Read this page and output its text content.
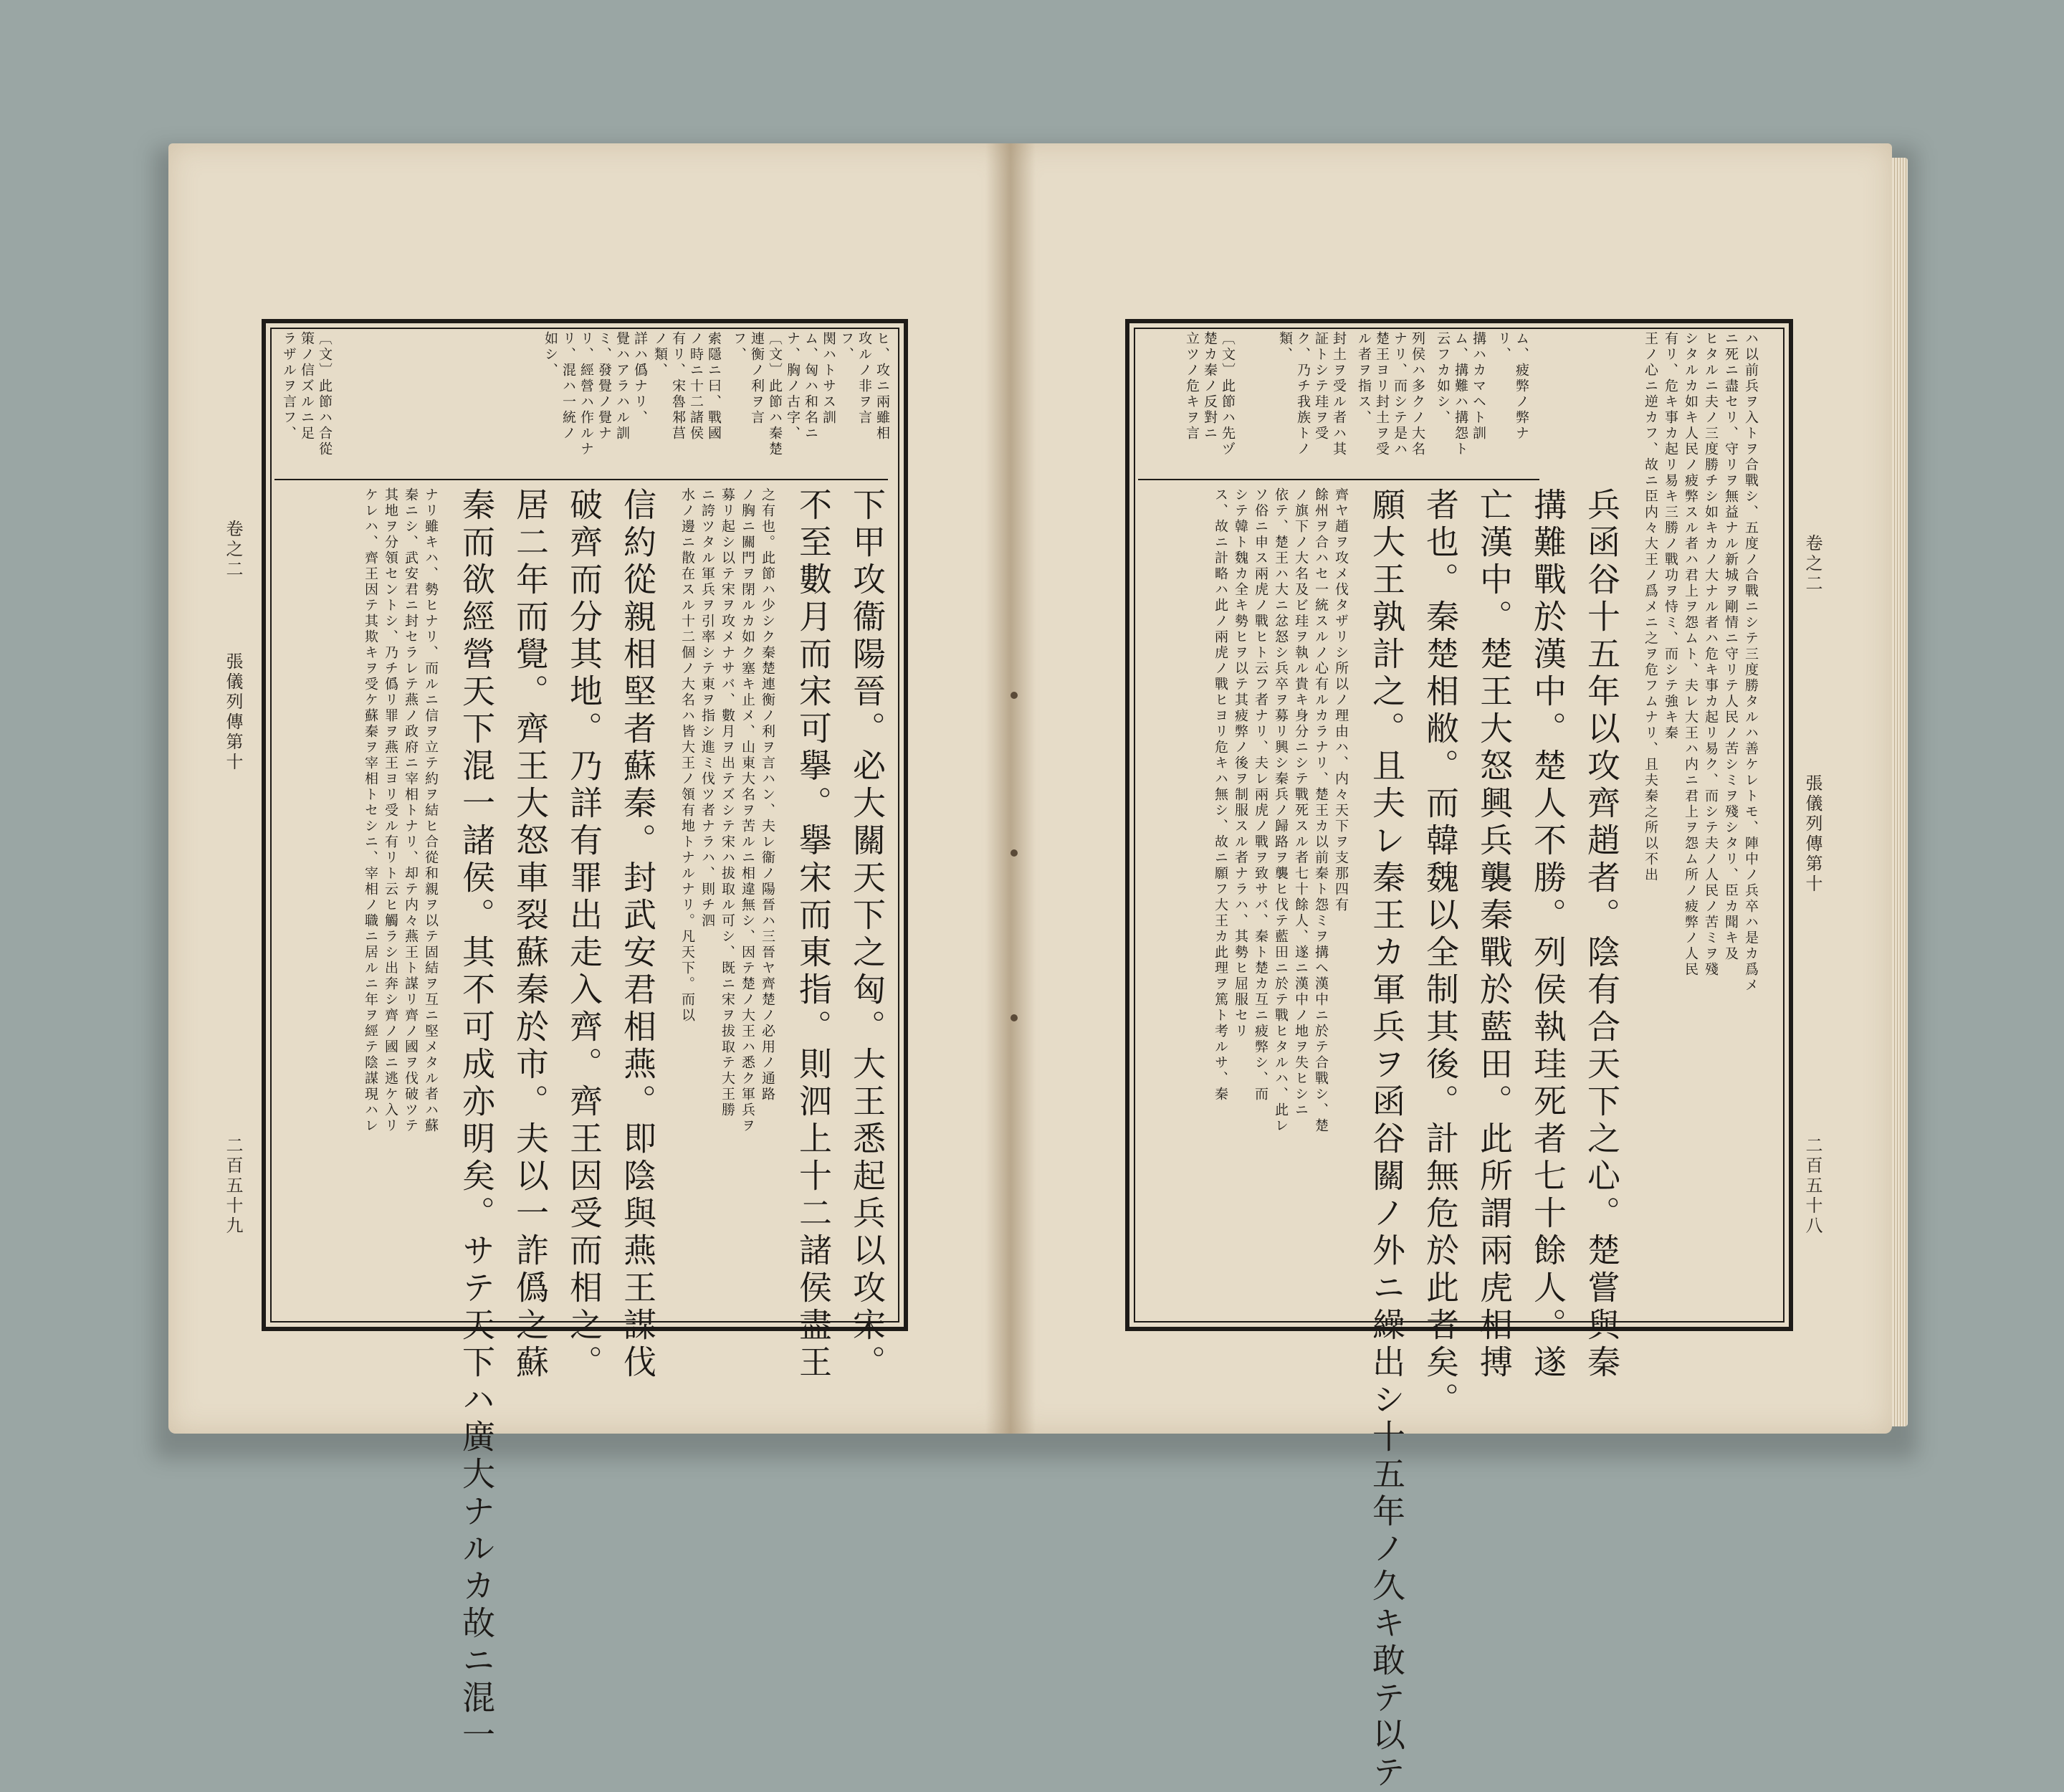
卷之二
張儀列傳第十
二百五十九
ヒ、攻ニ兩雖相
攻ルノ非ヲ言
フ、
関ハトサス訓
ム、匈ハ和名ニ
ナ、胸ノ古字、
〔文〕此節ハ秦楚
連衡ノ利ヲ言
フ、
索隱ニ曰、戰國
ノ時ニ十二諸侯
有リ、宋魯邾莒
ノ類、
詳ハ僞ナリ、
覺ハアラハル訓
ミ、發覺ノ覺ナ
リ、經營ハ作ルナ
リ、混ハ一統ノ
如シ、
〔文〕此節ハ合從
策ノ信ズルニ足
ラザルヲ言フ、
下甲攻衞陽晉。必大關天下之匈。大王悉起兵以攻宋。
不至數月而宋可擧。擧宋而東指。則泗上十二諸侯盡王
之有也。此節ハ少シク秦楚連衡ノ利ヲ言ハン、夫レ衞ノ陽晉ハ三晉ヤ齊楚ノ必用ノ通路
ノ胸ニ關門ヲ閉ルカ如ク塞キ止メ、山東大名ヲ苦ルニ相違無シ、因テ楚ノ大王ハ悉ク軍兵ヲ
募リ起シ以テ宋ヲ攻メナサバ、數月ヲ出テズシテ宋ハ拔取ル可シ、既ニ宋ヲ拔取テ大王勝
ニ誇ツタル軍兵ヲ引率シテ東ヲ指シ進ミ伐ツ者ナラハ、則チ泗
水ノ邊ニ散在スル十二個ノ大名ハ皆大王ノ領有地トナルナリ。凡天下。而以
信約從親相堅者蘇秦。封武安君相燕。即陰與燕王謀伐
破齊而分其地。乃詳有罪出走入齊。齊王因受而相之。
居二年而覺。齊王大怒車裂蘇秦於市。夫以一詐僞之蘇
秦而欲經營天下混一諸侯。其不可成亦明矣。サテ天下ハ廣大ナルカ故ニ混一
ナリ雖キハ、勢ヒナリ、而ルニ信ヲ立テ約ヲ結ヒ合從和親ヲ以テ固結ヲ互ニ堅メタル者ハ蘇
秦ニシ、武安君ニ封セラレテ燕ノ政府ニ宰相トナリ、却テ内々燕王ト謀リ齊ノ國ヲ伐破ツテ
其地ヲ分領セントシ、乃チ僞リ罪ヲ燕王ヨリ受ル有リト云ヒ觸ラシ出奔シ齊ノ國ニ逃ケ入リ
ケレハ、齊王因テ其欺キヲ受ケ蘇秦ヲ宰相トセシニ、宰相ノ職ニ居ルニ年ヲ經テ陰謀現ハレ	卷之二
張儀列傳第十
二百五十八
ム、疲弊ノ弊ナ
リ、
搆ハカマヘト訓
ム、搆難ハ搆怨ト
云フカ如シ、
列侯ハ多クノ大名
ナリ、而シテ是ハ
楚王ヨリ封土ヲ受
ル者ヲ指ス、
封土ヲ受ル者ハ其
証トシテ珪ヲ受
ク、乃チ我族トノ
類、
〔文〕此節ハ先ヅ
楚カ秦ノ反對ニ
立ツノ危キヲ言	ハ以前兵ヲ入トヲ合戰シ、五度ノ合戰ニシテ三度勝タルハ善ケレトモ、陣中ノ兵卒ハ是カ爲メ
ニ死ニ盡セリ、守リヲ無益ナル新城ヲ剛情ニ守リテ人民ノ苦シミヲ殘シタリ、臣カ聞キ及
ヒタルニ夫ノ三度勝チシ如キカノ大ナル者ハ危キ事カ起リ易ク、而シテ夫ノ人民ノ苦ミヲ殘
シタルカ如キ人民ノ疲弊スル者ハ君上ヲ怨ムト、夫レ大王ハ内ニ君上ヲ怨ム所ノ疲弊ノ人民
有リ、危キ事カ起リ易キ三勝ノ戰功ヲ恃ミ、而シテ強キ秦
王ノ心ニ逆カフ、故ニ臣内々大王ノ爲メニ之ヲ危フムナリ、且夫秦之所以不出
兵函谷十五年以攻齊趙者。陰有合天下之心。楚嘗與秦
搆難戰於漢中。楚人不勝。列侯執珪死者七十餘人。遂
亡漢中。楚王大怒興兵襲秦戰於藍田。此所謂兩虎相搏
者也。秦楚相敝。而韓魏以全制其後。計無危於此者矣。
願大王孰計之。且夫レ秦王カ軍兵ヲ函谷關ノ外ニ繰出シ十五年ノ久キ敢テ以テ
齊ヤ趙ヲ攻メ伐タザリシ所以ノ理由ハ、内々天下ヲ支那四有
餘州ヲ合ハセ一統スルノ心有ルカラナリ、楚王カ以前秦ト怨ミヲ搆ヘ漢中ニ於テ合戰シ、楚
ノ旗下ノ大名及ビ珪ヲ執ル貴キ身分ニシテ戰死スル者七十餘人、遂ニ漢中ノ地ヲ失ヒシニ
依テ、楚王ハ大ニ忿怒シ兵卒ヲ募リ興シ秦兵ノ歸路ヲ襲ヒ伐テ藍田ニ於テ戰ヒタルハ、此レ
ソ俗ニ申ス兩虎ノ戰ヒト云フ者ナリ、夫レ兩虎ノ戰ヲ致サバ、秦ト楚カ互ニ疲弊シ、而
シテ韓ト魏カ全キ勢ヒヲ以テ其疲弊ノ後ヲ制服スル者ナラハ、其勢ヒ屈服セリ
ス、故ニ計略ハ此ノ兩虎ノ戰ヒヨリ危キハ無シ、故ニ願フ大王カ此理ヲ篤ト考ルサ、秦
